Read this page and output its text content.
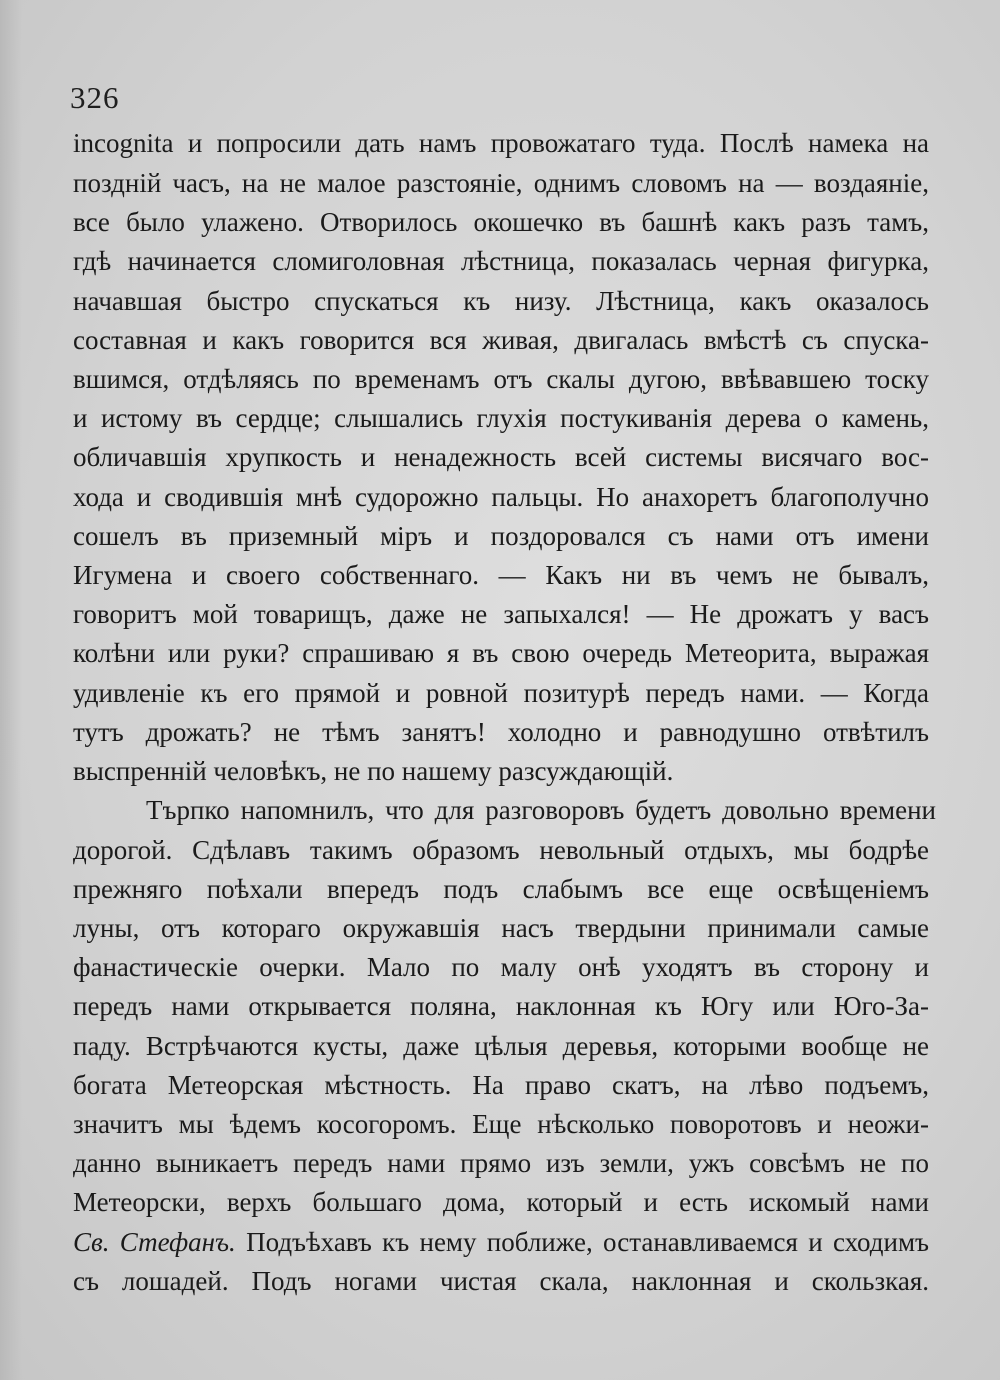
326

incognita и попросили дать намъ провожатаго туда. Послѣ намека на
поздній часъ, на не малое разстояніе, однимъ словомъ на — воздаяніе,
все было улажено. Отворилось окошечко въ башнѣ какъ разъ тамъ,
гдѣ начинается сломиголовная лѣстница, показалась черная фигурка,
начавшая быстро спускаться къ низу. Лѣстница, какъ оказалось
составная и какъ говорится вся живая, двигалась вмѣстѣ съ спуска-
вшимся, отдѣляясь по временамъ отъ скалы дугою, ввѣвавшею тоску
и истому въ сердце; слышались глухія постукиванія дерева о камень,
обличавшія хрупкость и ненадежность всей системы висячаго вос-
хода и сводившія мнѣ судорожно пальцы. Но анахоретъ благополучно
сошелъ въ приземный міръ и поздоровался съ нами отъ имени
Игумена и своего собственнаго. — Какъ ни въ чемъ не бывалъ,
говоритъ мой товарищъ, даже не запыхался! — Не дрожатъ у васъ
колѣни или руки? спрашиваю я въ свою очередь Метеорита, выражая
удивленіе къ его прямой и ровной позитурѣ передъ нами. — Когда
тутъ дрожать? не тѣмъ занятъ! холодно и равнодушно отвѣтилъ
выспренній человѣкъ, не по нашему разсуждающій.
Търпко напомнилъ, что для разговоровъ будетъ довольно времени
дорогой. Сдѣлавъ такимъ образомъ невольный отдыхъ, мы бодрѣе
прежняго поѣхали впередъ подъ слабымъ все еще освѣщеніемъ
луны, отъ котораго окружавшія насъ твердыни принимали самые
фанастическіе очерки. Мало по малу онѣ уходятъ въ сторону и
передъ нами открывается поляна, наклонная къ Югу или Юго-За-
паду. Встрѣчаются кусты, даже цѣлыя деревья, которыми вообще не
богата Метеорская мѣстность. На право скатъ, на лѣво подъемъ,
значитъ мы ѣдемъ косогоромъ. Еще нѣсколько поворотовъ и неожи-
данно выникаетъ передъ нами прямо изъ земли, ужъ совсѣмъ не по
Метеорски, верхъ большаго дома, который и есть искомый нами
Св. Стефанъ. Подъѣхавъ къ нему поближе, останавливаемся и сходимъ
съ лошадей. Подъ ногами чистая скала, наклонная и скользкая.
